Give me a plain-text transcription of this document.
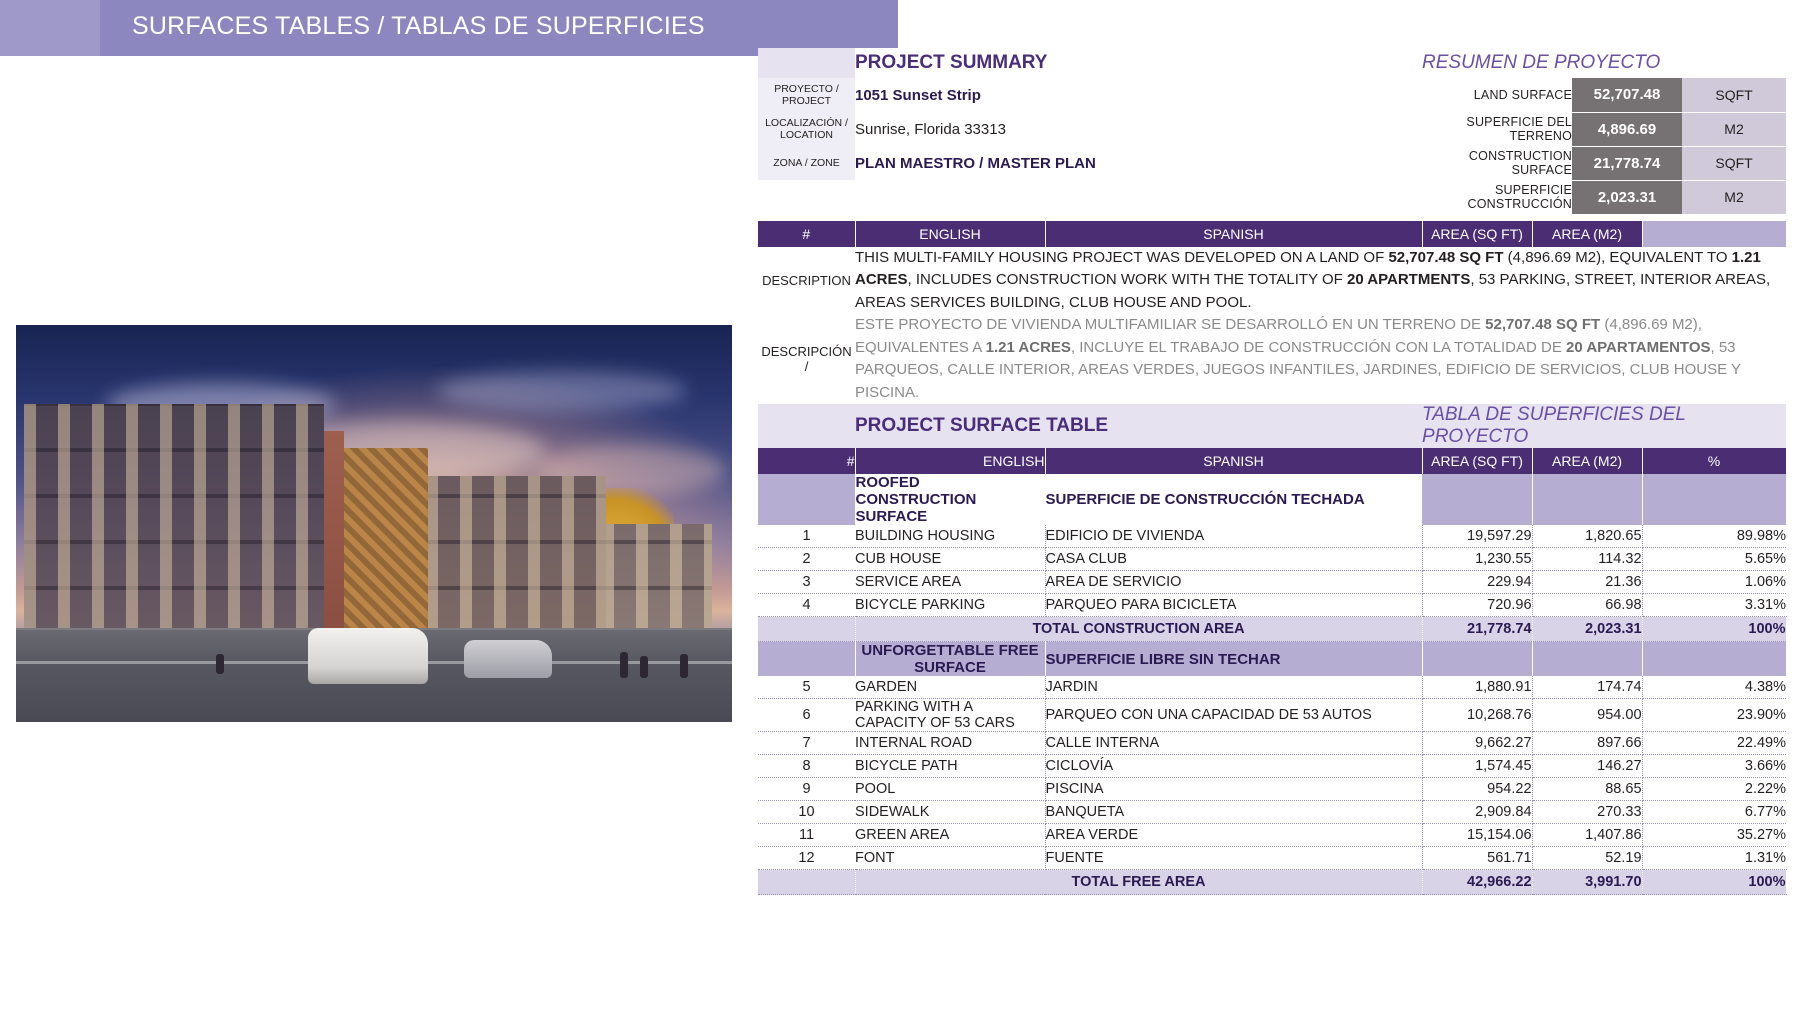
SURFACES TABLES / TABLAS DE SUPERFICIES
	PROJECT SUMMARY	RESUMEN DE PROYECTO		
PROYECTO /
PROJECT	1051 Sunset Strip	LAND SURFACE	52,707.48	SQFT
LOCALIZACIÓN /
LOCATION	Sunrise, Florida 33313	SUPERFICIE DEL TERRENO	4,896.69	M2
ZONA / ZONE	PLAN MAESTRO / MASTER PLAN	CONSTRUCTION SURFACE	21,778.74	SQFT
		SUPERFICIE CONSTRUCCIÓN	2,023.31	M2
#	ENGLISH	SPANISH	AREA (SQ FT)	AREA (M2)	
DESCRIPTION	THIS MULTI-FAMILY HOUSING PROJECT WAS DEVELOPED ON A LAND OF 52,707.48 SQ FT (4,896.69 M2), EQUIVALENT TO 1.21 ACRES, INCLUDES CONSTRUCTION WORK WITH THE TOTALITY OF 20 APARTMENTS, 53 PARKING, STREET, INTERIOR AREAS, AREAS SERVICES BUILDING, CLUB HOUSE AND POOL.				
DESCRIPCIÓN /	ESTE PROYECTO DE VIVIENDA MULTIFAMILIAR SE DESARROLLÓ EN UN TERRENO DE 52,707.48 SQ FT (4,896.69 M2), EQUIVALENTES A 1.21 ACRES, INCLUYE EL TRABAJO DE CONSTRUCCIÓN CON LA TOTALIDAD DE 20 APARTAMENTOS, 53 PARQUEOS, CALLE INTERIOR, AREAS VERDES, JUEGOS INFANTILES, JARDINES, EDIFICIO DE SERVICIOS, CLUB HOUSE Y PISCINA.				
	PROJECT SURFACE TABLE		TABLA DE SUPERFICIES DEL PROYECTO		
#	ENGLISH	SPANISH	AREA (SQ FT)	AREA (M2)	%
	ROOFED CONSTRUCTION SURFACE	SUPERFICIE DE CONSTRUCCIÓN TECHADA			
1	BUILDING HOUSING	EDIFICIO DE VIVIENDA	19,597.29	1,820.65	89.98%
2	CUB HOUSE	CASA CLUB	1,230.55	114.32	5.65%
3	SERVICE AREA	AREA DE SERVICIO	229.94	21.36	1.06%
4	BICYCLE PARKING	PARQUEO PARA BICICLETA	720.96	66.98	3.31%
	TOTAL CONSTRUCTION AREA		21,778.74	2,023.31	100%
	UNFORGETTABLE FREE SURFACE	SUPERFICIE LIBRE SIN TECHAR			
5	GARDEN	JARDIN	1,880.91	174.74	4.38%
6	PARKING WITH A CAPACITY OF 53 CARS	PARQUEO CON UNA CAPACIDAD DE 53 AUTOS	10,268.76	954.00	23.90%
7	INTERNAL ROAD	CALLE INTERNA	9,662.27	897.66	22.49%
8	BICYCLE PATH	CICLOVÍA	1,574.45	146.27	3.66%
9	POOL	PISCINA	954.22	88.65	2.22%
10	SIDEWALK	BANQUETA	2,909.84	270.33	6.77%
11	GREEN AREA	AREA VERDE	15,154.06	1,407.86	35.27%
12	FONT	FUENTE	561.71	52.19	1.31%
	TOTAL FREE AREA		42,966.22	3,991.70	100%
